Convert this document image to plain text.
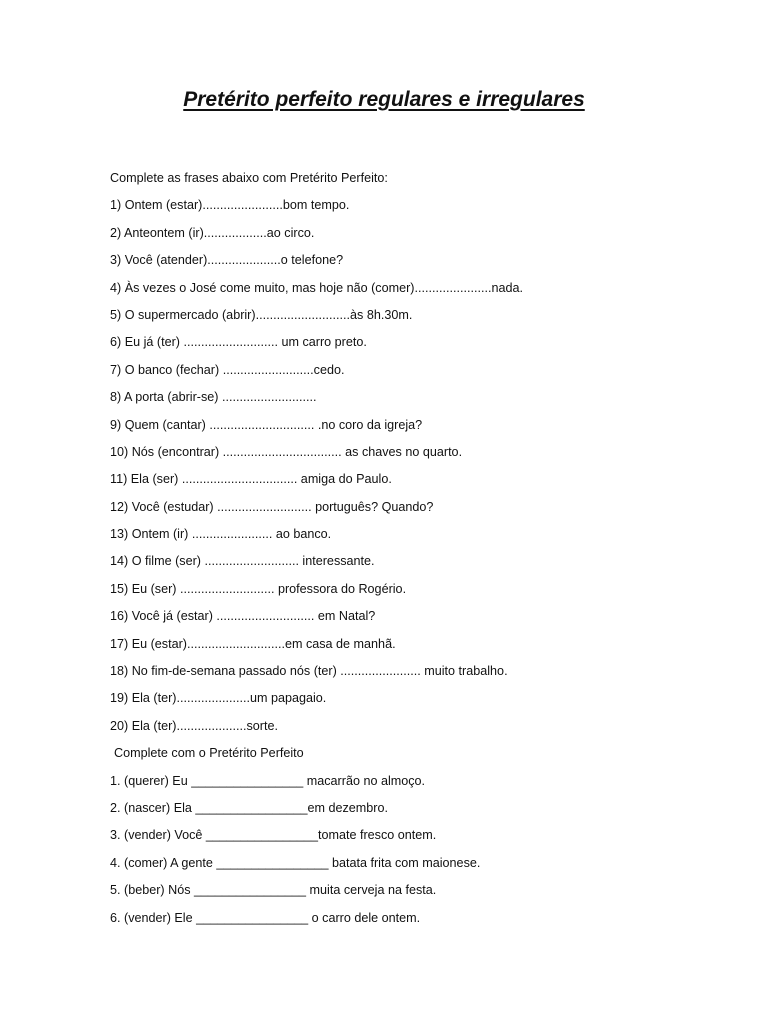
Pretérito perfeito regulares e irregulares
Complete as frases abaixo com Pretérito Perfeito:
1) Ontem (estar).......................bom tempo.
2) Anteontem (ir)..................ao circo.
3) Você (atender).....................o telefone?
4) Às vezes o José come muito, mas hoje não (comer)......................nada.
5) O supermercado (abrir)...........................às 8h.30m.
6) Eu já (ter) ........................... um carro preto.
7) O banco (fechar) ..........................cedo.
8) A porta (abrir-se) ...........................
9) Quem (cantar) .............................. .no coro da igreja?
10) Nós (encontrar) .................................. as chaves no quarto.
11) Ela (ser) ................................. amiga do Paulo.
12) Você (estudar) ........................... português? Quando?
13) Ontem (ir) ....................... ao banco.
14) O filme (ser) ........................... interessante.
15) Eu (ser) ........................... professora do Rogério.
16) Você já (estar) ............................ em Natal?
17) Eu (estar)............................em casa de manhã.
18) No fim-de-semana passado nós (ter) ....................... muito trabalho.
19) Ela (ter).....................um papagaio.
20) Ela (ter)....................sorte.
Complete com o Pretérito Perfeito
1. (querer) Eu ________________ macarrão no almoço.
2. (nascer) Ela ________________em dezembro.
3. (vender) Você ________________tomate fresco ontem.
4. (comer) A gente ________________ batata frita com maionese.
5. (beber) Nós ________________ muita cerveja na festa.
6. (vender) Ele ________________ o carro dele ontem.
